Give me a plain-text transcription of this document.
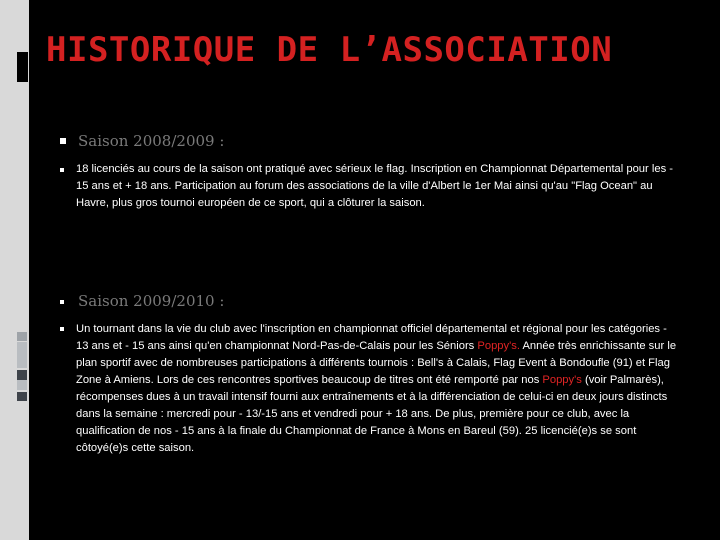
HISTORIQUE DE L’ASSOCIATION
Saison 2008/2009 :
18 licenciés au cours de la saison ont pratiqué avec sérieux le flag. Inscription en Championnat Départemental pour les - 15 ans et + 18 ans. Participation au forum des associations de la ville d'Albert le 1er Mai ainsi qu'au "Flag Ocean" au Havre, plus gros tournoi européen de ce sport, qui a clôturer la saison.
Saison 2009/2010 :
Un tournant dans la vie du club avec l'inscription en championnat officiel départemental et régional pour les catégories - 13 ans et - 15 ans ainsi qu'en championnat Nord-Pas-de-Calais pour les Séniors Poppy's. Année très enrichissante sur le plan sportif avec de nombreuses participations à différents tournois : Bell's à Calais, Flag Event à Bondoufle (91) et Flag Zone à Amiens. Lors de ces rencontres sportives beaucoup de titres ont été remporté par nos Poppy's (voir Palmarès), récompenses dues à un travail intensif fourni aux entraînements et à la différenciation de celui-ci en deux jours distincts dans la semaine : mercredi pour - 13/-15 ans et vendredi pour + 18 ans. De plus, première pour ce club, avec la qualification de nos - 15 ans à la finale du Championnat de France à Mons en Bareul (59). 25 licencié(e)s se sont côtoyé(e)s cette saison.
